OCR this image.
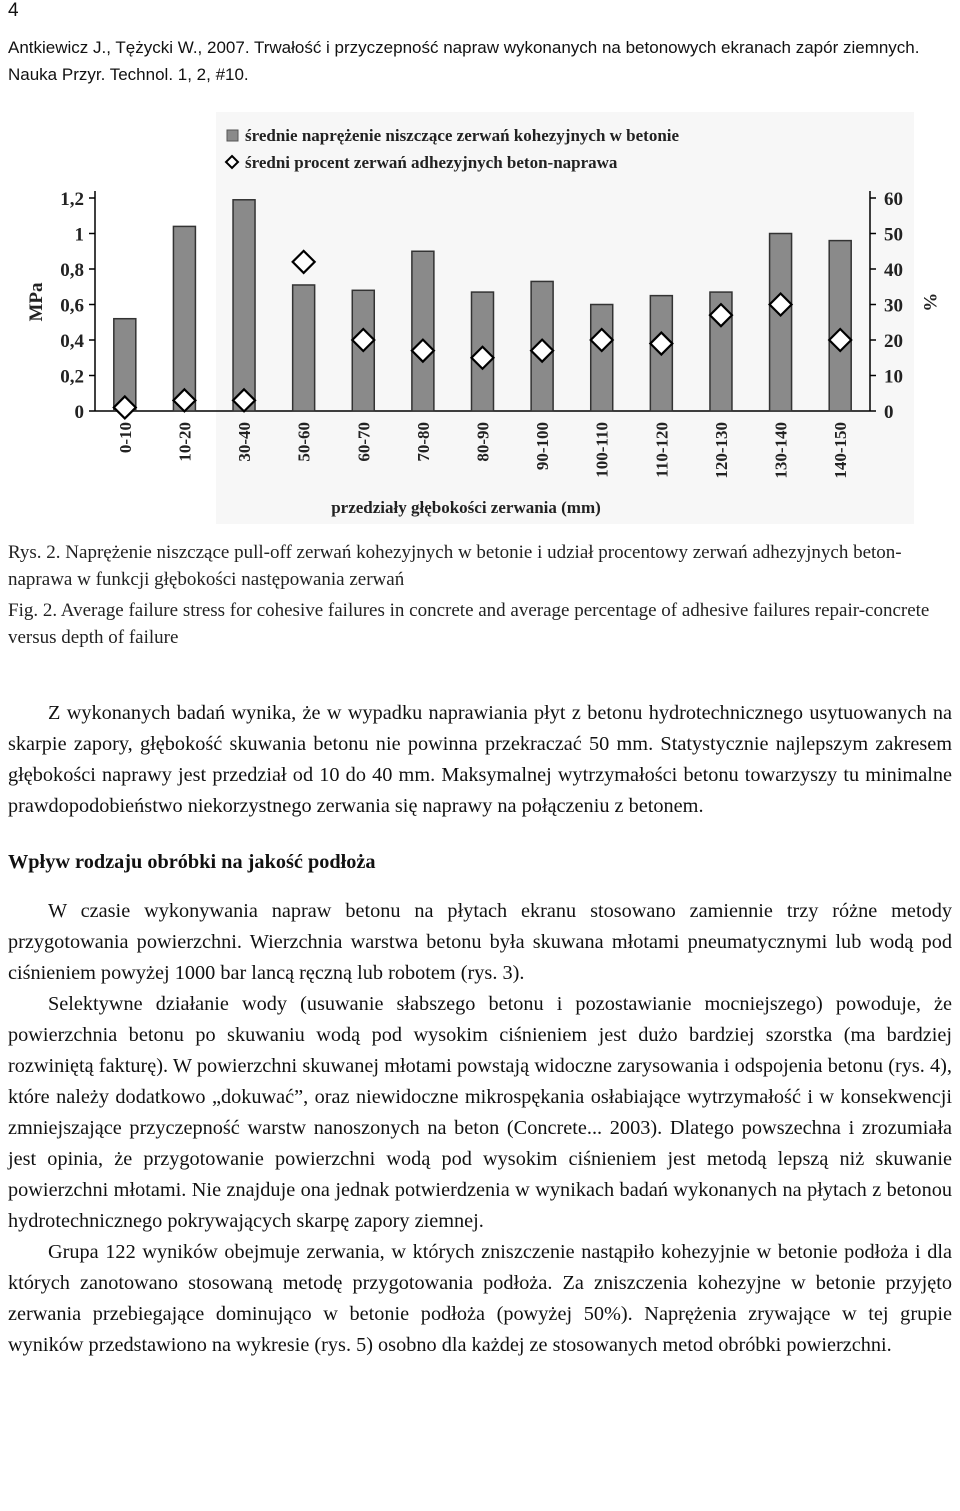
4
Antkiewicz J., Tężycki W., 2007. Trwałość i przyczepność napraw wykonanych na betonowych ekranach zapór ziemnych. Nauka Przyr. Technol. 1, 2, #10.
średnie naprężenie niszczące zerwań kohezyjnych w betonie
średni procent zerwań adhezyjnych beton-naprawa
0
0,2
0,4
0,6
0,8
1
1,2
0
10
20
30
40
50
60
0-10 10-20 30-40 50-60 60-70 70-80 80-90 90-100 100-110 110-120 120-130 130-140 140-150
MPa	%
przedziały głębokości zerwania (mm)
Rys. 2. Naprężenie niszczące pull-off zerwań kohezyjnych w betonie i udział procentowy zerwań adhezyjnych beton-naprawa w funkcji głębokości następowania zerwań
Fig. 2. Average failure stress for cohesive failures in concrete and average percentage of adhesive failures repair-concrete versus depth of failure

Z wykonanych badań wynika, że w wypadku naprawiania płyt z betonu hydrotechnicznego usytuowanych na skarpie zapory, głębokość skuwania betonu nie powinna przekraczać 50 mm. Statystycznie najlepszym zakresem głębokości naprawy jest przedział od 10 do 40 mm. Maksymalnej wytrzymałości betonu towarzyszy tu minimalne prawdopodobieństwo niekorzystnego zerwania się naprawy na połączeniu z betonem.

Wpływ rodzaju obróbki na jakość podłoża

W czasie wykonywania napraw betonu na płytach ekranu stosowano zamiennie trzy różne metody przygotowania powierzchni. Wierzchnia warstwa betonu była skuwana młotami pneumatycznymi lub wodą pod ciśnieniem powyżej 1000 bar lancą ręczną lub robotem (rys. 3).

Selektywne działanie wody (usuwanie słabszego betonu i pozostawianie mocniejszego) powoduje, że powierzchnia betonu po skuwaniu wodą pod wysokim ciśnieniem jest dużo bardziej szorstka (ma bardziej rozwiniętą fakturę). W powierzchni skuwanej młotami powstają widoczne zarysowania i odspojenia betonu (rys. 4), które należy dodatkowo „dokuwać”, oraz niewidoczne mikrospękania osłabiające wytrzymałość i w konsekwencji zmniejszające przyczepność warstw nanoszonych na beton (Concrete... 2003). Dlatego powszechna i zrozumiała jest opinia, że przygotowanie powierzchni wodą pod wysokim ciśnieniem jest metodą lepszą niż skuwanie powierzchni młotami. Nie znajduje ona jednak potwierdzenia w wynikach badań wykonanych na płytach z betonou hydrotechnicznego pokrywających skarpę zapory ziemnej.

Grupa 122 wyników obejmuje zerwania, w których zniszczenie nastąpiło kohezyjnie w betonie podłoża i dla których zanotowano stosowaną metodę przygotowania podłoża. Za zniszczenia kohezyjne w betonie przyjęto zerwania przebiegające dominująco w betonie podłoża (powyżej 50%). Naprężenia zrywające w tej grupie wyników przedstawiono na wykresie (rys. 5) osobno dla każdej ze stosowanych metod obróbki powierzchni.
